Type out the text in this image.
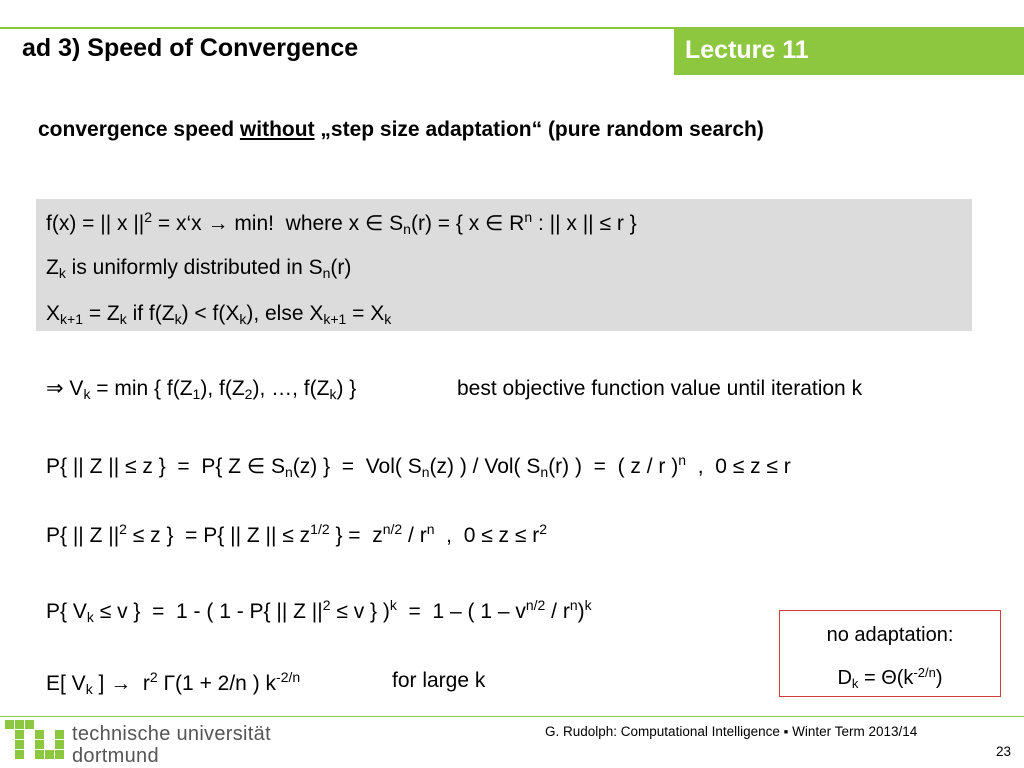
ad 3) Speed of Convergence	Lecture 11
convergence speed without „step size adaptation“ (pure random search)
f(x) = || x $||^2$ = x‘x → min!  where x ∈ $S_n(r)$ = { x ∈ $R^n$ : || x || ≤ r }
$Z_k$ is uniformly distributed in $S_n(r)$
$X_{k+1} = Z_k$ if $f(Z_k) < f(X_k)$, else $X_{k+1} = X_k$
⇒ $V_k = \min$ { $f(Z_1)$, $f(Z_2)$, …, $f(Z_k)$ }	best objective function value until iteration k
P{ || Z || ≤ z }  =  P{ Z ∈ $S_n(z)$ }  =  Vol( $S_n(z)$ ) / Vol( $S_n(r)$ )  =  ( z / r )$^n$  ,  0 ≤ z ≤ r
P{ || Z $||^2 \le z$ }  = P{ || Z || ≤ $z^{1/2}$ } =  $z^{n/2} / r^n$  ,  $0 \le z \le r^2$
P{ $V_k \le v$ }  =  1 - ( 1 - P{ || Z $||^2 \le v$ } )$^k$  =  1 – ( $1 - v^{n/2} / r^n)^k$
E[ $V_k$ ] →  $r^2$ Γ(1 + 2/n ) $k^{-2/n}$	for large k
no adaptation:
$D_k = \Theta(k^{-2/n})$
technische universität
dortmund
G. Rudolph: Computational Intelligence ▪ Winter Term 2013/14
23
